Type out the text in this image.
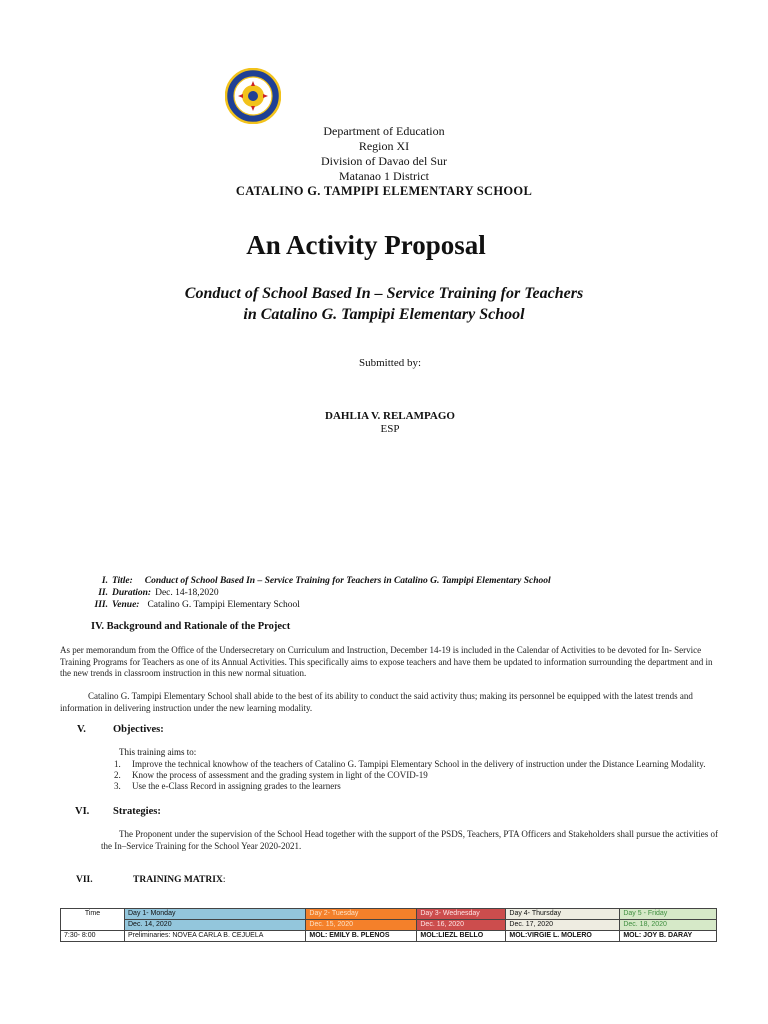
Department of Education
Region XI
Division of Davao del Sur
Matanao 1 District
CATALINO G. TAMPIPI ELEMENTARY SCHOOL
An Activity Proposal
Conduct of School Based In – Service Training for Teachers
in Catalino G. Tampipi Elementary School
Submitted by:
DAHLIA V. RELAMPAGO
ESP
I. Title: Conduct of School Based In – Service Training for Teachers in Catalino G. Tampipi Elementary School
II. Duration: Dec. 14-18,2020
III. Venue: Catalino G. Tampipi Elementary School
IV. Background and Rationale of the Project
As per memorandum from the Office of the Undersecretary on Curriculum and Instruction, December 14-19 is included in the Calendar of Activities to be devoted for In- Service Training Programs for Teachers as one of its Annual Activities. This specifically aims to expose teachers and have them be updated to information surrounding the department and in the new trends in classroom instruction in this new normal situation.
Catalino G. Tampipi Elementary School shall abide to the best of its ability to conduct the said activity thus; making its personnel be equipped with the latest trends and information in delivering instruction under the new learning modality.
V.	Objectives:
This training aims to:
1.	Improve the technical knowhow of the teachers of Catalino G. Tampipi Elementary School in the delivery of instruction under the Distance Learning Modality.
2.	Know the process of assessment and the grading system in light of the COVID-19
3.	Use the e-Class Record in assigning grades to the learners
VI. Strategies:
The Proponent under the supervision of the School Head together with the support of the PSDS, Teachers, PTA Officers and Stakeholders shall pursue the activities of the In–Service Training for the School Year 2020-2021.
VII.	TRAINING MATRIX:
Time	Day 1- Monday	Day 2- Tuesday	Day 3- Wednesday	Day 4- Thursday	Day 5 - Friday
	Dec. 14, 2020	Dec. 15, 2020	Dec. 16, 2020	Dec. 17, 2020	Dec. 18, 2020
7:30- 8:00	Preliminaries: NOVEA CARLA B. CEJUELA	MOL: EMILY B. PLENOS	MOL:LIEZL BELLO	MOL:VIRGIE L. MOLERO	MOL: JOY B. DARAY
